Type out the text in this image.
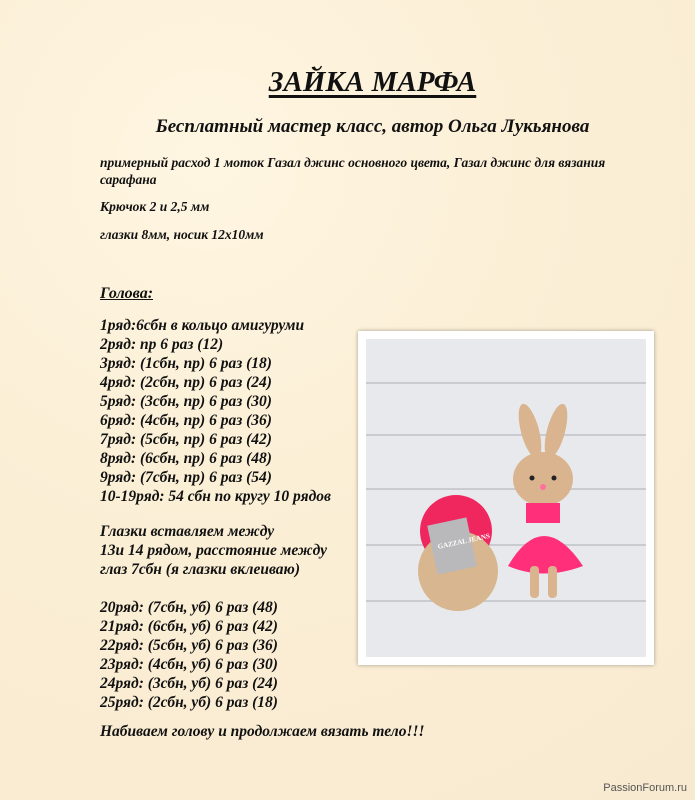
ЗАЙКА МАРФА
Бесплатный мастер класс, автор Ольга Лукьянова
примерный расход 1 моток Газал джинс основного цвета, Газал джинс для вязания сарафана
Крючок 2 и 2,5 мм
глазки 8мм, носик 12x10мм
Голова:
1ряд:6сбн в кольцо амигуруми
2ряд: пр 6 раз (12)
3ряд: (1сбн, пр) 6 раз (18)
4ряд: (2сбн, пр) 6 раз (24)
5ряд: (3сбн, пр) 6 раз (30)
6ряд: (4сбн, пр) 6 раз (36)
7ряд: (5сбн, пр) 6 раз (42)
8ряд: (6сбн, пр) 6 раз (48)
9ряд: (7сбн, пр) 6 раз (54)
10-19ряд: 54 сбн по кругу 10 рядов
Глазки вставляем между
13и 14 рядом, расстояние между
глаз 7сбн (я глазки вклеиваю)
20ряд: (7сбн, уб) 6 раз (48)
21ряд: (6сбн, уб) 6 раз (42)
22ряд: (5сбн, уб) 6 раз (36)
23ряд: (4сбн, уб) 6 раз (30)
24ряд: (3сбн, уб) 6 раз (24)
25ряд: (2сбн, уб) 6 раз (18)
Набиваем голову и продолжаем вязать тело!!!
GAZZAL JEANS
PassionForum.ru
